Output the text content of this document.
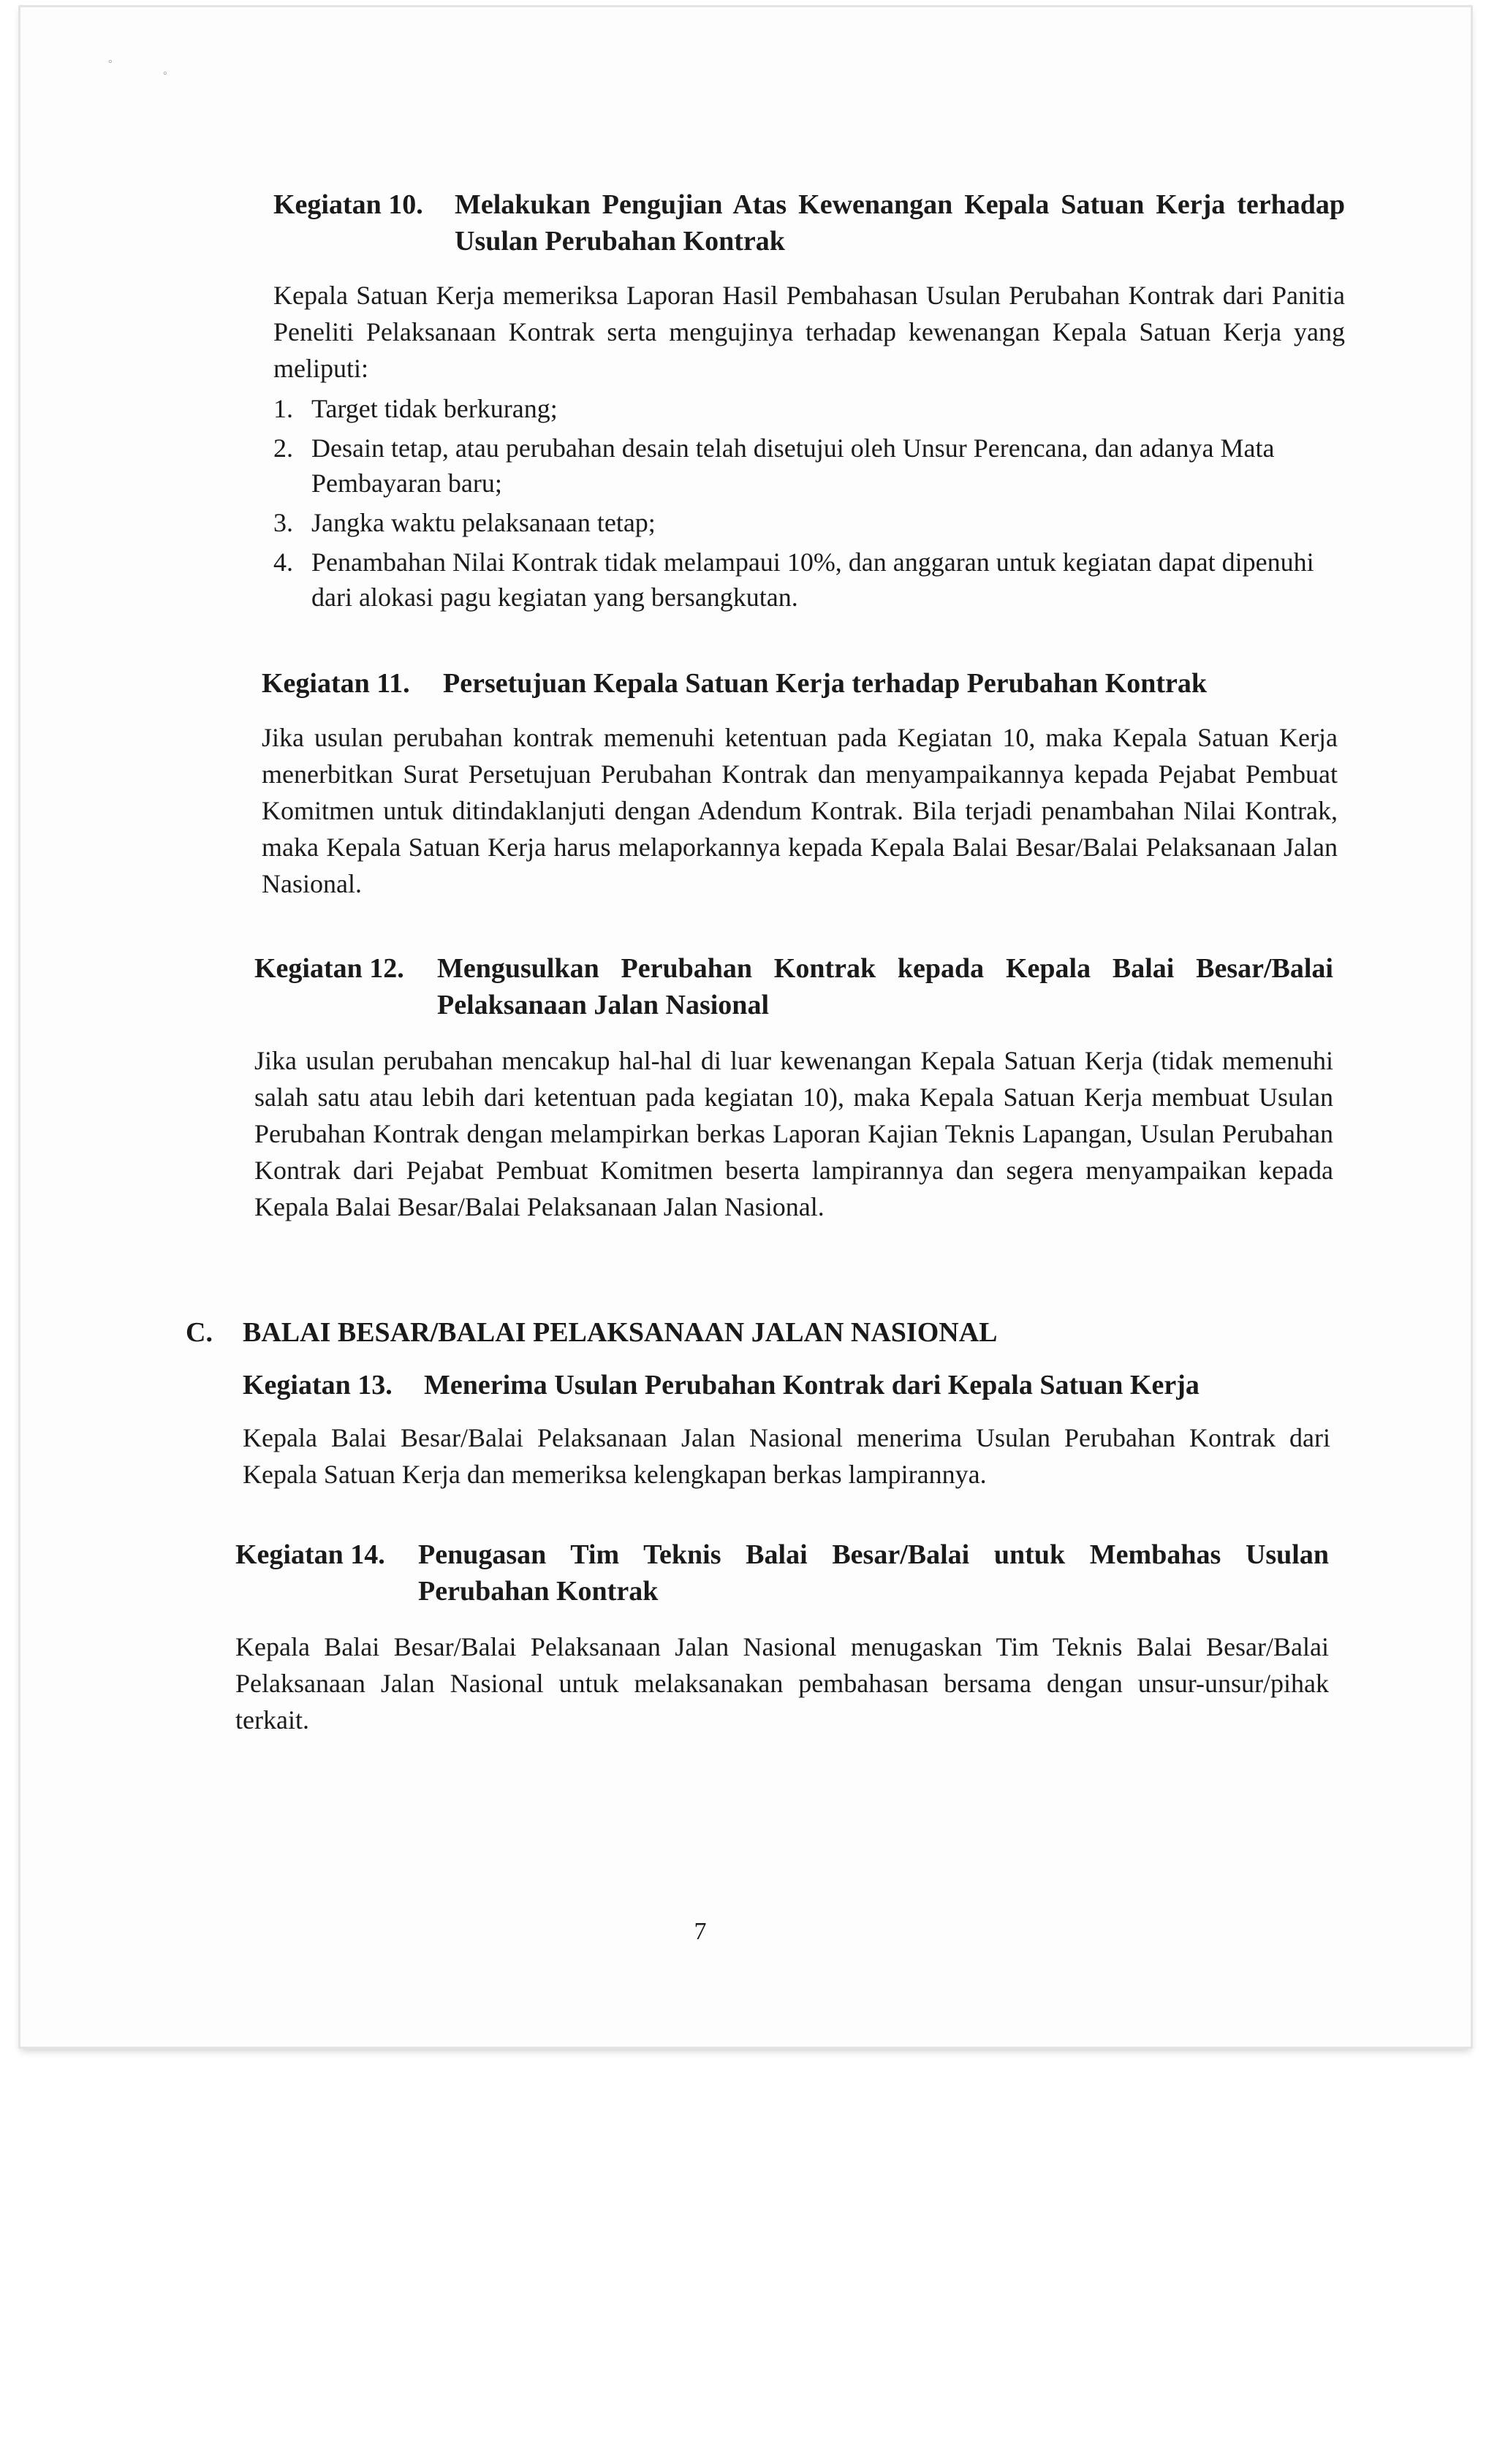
°
°
Kegiatan 10.	Melakukan Pengujian Atas Kewenangan Kepala Satuan Kerja terhadap Usulan Perubahan Kontrak

Kepala Satuan Kerja memeriksa Laporan Hasil Pembahasan Usulan Perubahan Kontrak dari Panitia Peneliti Pelaksanaan Kontrak serta mengujinya terhadap kewenangan Kepala Satuan Kerja yang meliputi:

1. Target tidak berkurang;
2. Desain tetap, atau perubahan desain telah disetujui oleh Unsur Perencana, dan adanya Mata Pembayaran baru;
3. Jangka waktu pelaksanaan tetap;
4. Penambahan Nilai Kontrak tidak melampaui 10%, dan anggaran untuk kegiatan dapat dipenuhi dari alokasi pagu kegiatan yang bersangkutan.
Kegiatan 11.	Persetujuan Kepala Satuan Kerja terhadap Perubahan Kontrak

Jika usulan perubahan kontrak memenuhi ketentuan pada Kegiatan 10, maka Kepala Satuan Kerja menerbitkan Surat Persetujuan Perubahan Kontrak dan menyampaikannya kepada Pejabat Pembuat Komitmen untuk ditindaklanjuti dengan Adendum Kontrak. Bila terjadi penambahan Nilai Kontrak, maka Kepala Satuan Kerja harus melaporkannya kepada Kepala Balai Besar/Balai Pelaksanaan Jalan Nasional.

Kegiatan 12.	Mengusulkan Perubahan Kontrak kepada Kepala Balai Besar/Balai Pelaksanaan Jalan Nasional

Jika usulan perubahan mencakup hal-hal di luar kewenangan Kepala Satuan Kerja (tidak memenuhi salah satu atau lebih dari ketentuan pada kegiatan 10), maka Kepala Satuan Kerja membuat Usulan Perubahan Kontrak dengan melampirkan berkas Laporan Kajian Teknis Lapangan, Usulan Perubahan Kontrak dari Pejabat Pembuat Komitmen beserta lampirannya dan segera menyampaikan kepada Kepala Balai Besar/Balai Pelaksanaan Jalan Nasional.

C.	BALAI BESAR/BALAI PELAKSANAAN JALAN NASIONAL
Kegiatan 13.	Menerima Usulan Perubahan Kontrak dari Kepala Satuan Kerja

Kepala Balai Besar/Balai Pelaksanaan Jalan Nasional menerima Usulan Perubahan Kontrak dari Kepala Satuan Kerja dan memeriksa kelengkapan berkas lampirannya.

Kegiatan 14.	Penugasan Tim Teknis Balai Besar/Balai untuk Membahas Usulan Perubahan Kontrak

Kepala Balai Besar/Balai Pelaksanaan Jalan Nasional menugaskan Tim Teknis Balai Besar/Balai Pelaksanaan Jalan Nasional untuk melaksanakan pembahasan bersama dengan unsur-unsur/pihak terkait.

7
